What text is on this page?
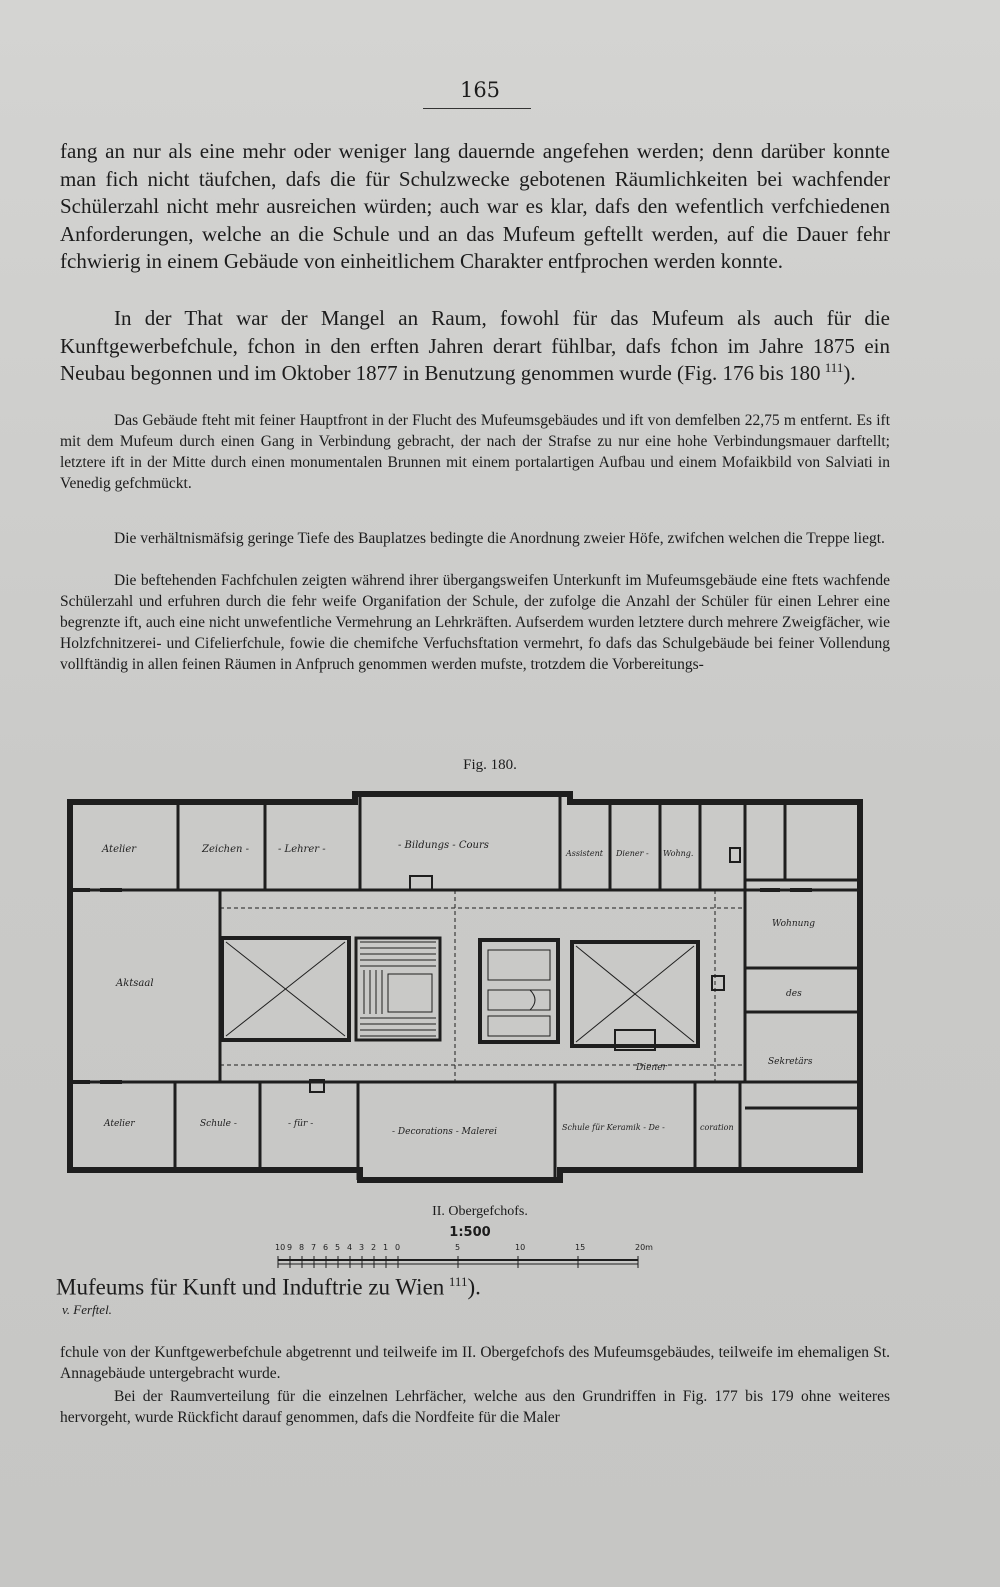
165

fang an nur als eine mehr oder weniger lang dauernde angefehen werden; denn darüber konnte man fich nicht täufchen, dafs die für Schulzwecke gebotenen Räumlichkeiten bei wachfender Schülerzahl nicht mehr ausreichen würden; auch war es klar, dafs den wefentlich verfchiedenen Anforderungen, welche an die Schule und an das Mufeum geftellt werden, auf die Dauer fehr fchwierig in einem Gebäude von einheitlichem Charakter entfprochen werden konnte.

In der That war der Mangel an Raum, fowohl für das Mufeum als auch für die Kunftgewerbefchule, fchon in den erften Jahren derart fühlbar, dafs fchon im Jahre 1875 ein Neubau begonnen und im Oktober 1877 in Benutzung genommen wurde (Fig. 176 bis 180  $^{111}$).

Das Gebäude fteht mit feiner Hauptfront in der Flucht des Mufeumsgebäudes und ift von demfelben 22,75 m entfernt. Es ift mit dem Mufeum durch einen Gang in Verbindung gebracht, der nach der Strafse zu nur eine hohe Verbindungsmauer darftellt; letztere ift in der Mitte durch einen monumentalen Brunnen mit einem portalartigen Aufbau und einem Mofaikbild von Salviati in Venedig gefchmückt.

Die verhältnismäfsig geringe Tiefe des Bauplatzes bedingte die Anordnung zweier Höfe, zwifchen welchen die Treppe liegt.

Die beftehenden Fachfchulen zeigten während ihrer übergangsweifen Unterkunft im Mufeumsgebäude eine ftets wachfende Schülerzahl und erfuhren durch die fehr weife Organifation der Schule, der zufolge die Anzahl der Schüler für einen Lehrer eine begrenzte ift, auch eine nicht unwefentliche Vermehrung an Lehrkräften. Aufserdem wurden letztere durch mehrere Zweigfächer, wie Holzfchnitzerei- und Cifelierfchule, fowie die chemifche Verfuchsftation vermehrt, fo dafs das Schulgebäude bei feiner Vollendung vollftändig in allen feinen Räumen in Anfpruch genommen werden mufste, trotzdem die Vorbereitungs-

Fig. 180.
Atelier	Zeichen -	- Lehrer -	- Bildungs - Cours
Assistent Diener - Wohng.
Wohnung
des
Sekretärs
Aktsaal
Diener
Atelier	Schule -	- für -
- Decorations - Malerei	Schule für Keramik - De -	coration
II. Obergefchofs.
1:500
10 9 8 7 6 5 4 3 2 1 0	5	10	15	20m
Mufeums für Kunft und Induftrie zu Wien  $^{111}$).
v. Ferftel.

fchule von der Kunftgewerbefchule abgetrennt und teilweife im II. Obergefchofs des Mufeumsgebäudes, teilweife im ehemaligen St. Annagebäude untergebracht wurde.

Bei der Raumverteilung für die einzelnen Lehrfächer, welche aus den Grundriffen in Fig. 177 bis 179 ohne weiteres hervorgeht, wurde Rückficht darauf genommen, dafs die Nordfeite für die Maler
